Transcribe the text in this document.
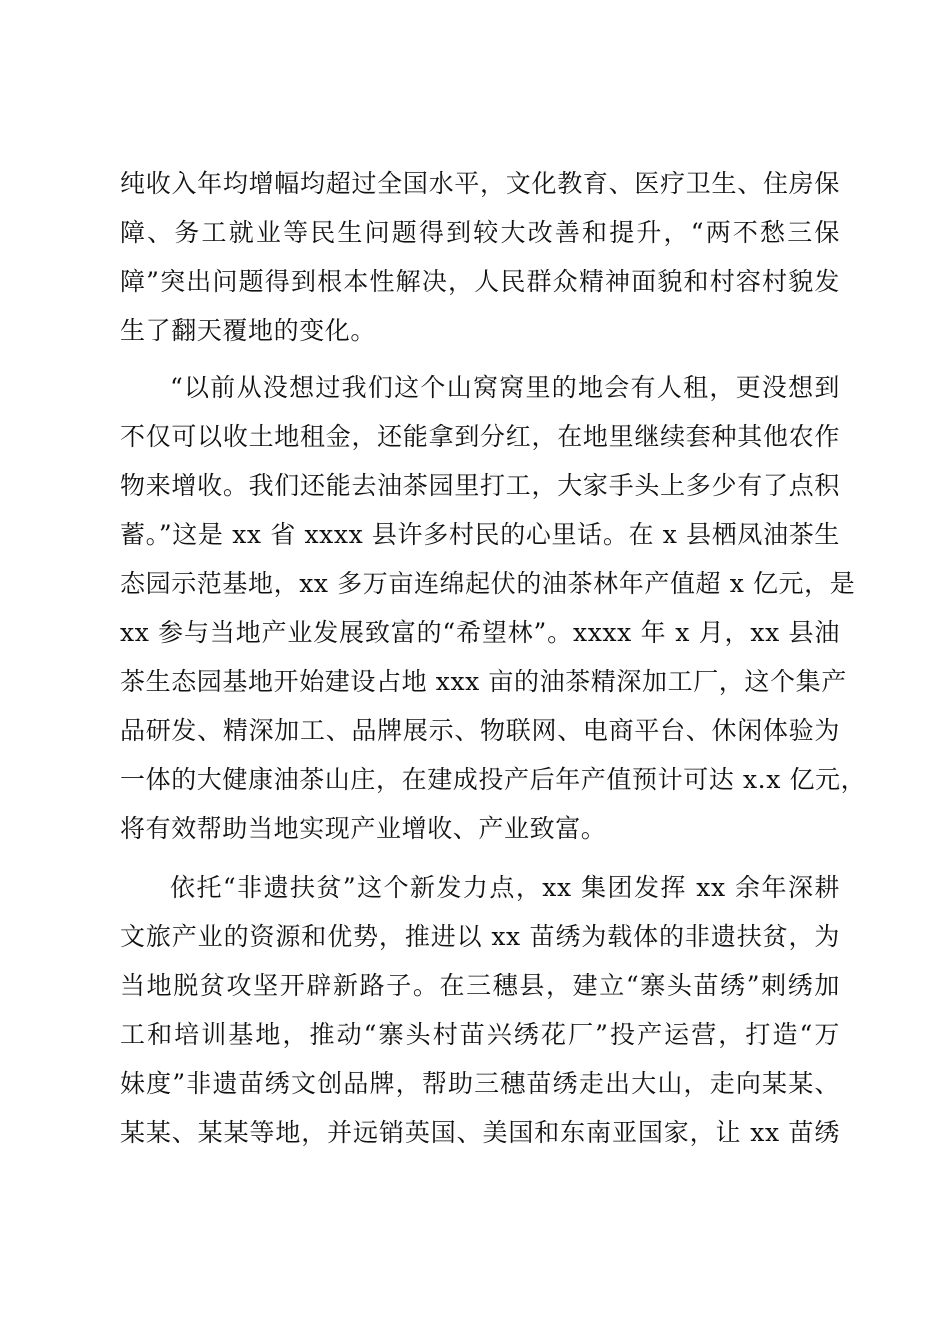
纯收入年均增幅均超过全国水平，文化教育、医疗卫生、住房保
障、务工就业等民生问题得到较大改善和提升，“两不愁三保
障”突出问题得到根本性解决，人民群众精神面貌和村容村貌发
生了翻天覆地的变化。
“以前从没想过我们这个山窝窝里的地会有人租，更没想到
不仅可以收土地租金，还能拿到分红，在地里继续套种其他农作
物来增收。我们还能去油茶园里打工，大家手头上多少有了点积
蓄。”这是 xx 省 xxxx 县许多村民的心里话。在 x 县栖凤油茶生
态园示范基地，xx 多万亩连绵起伏的油茶林年产值超 x 亿元，是
xx 参与当地产业发展致富的“希望林”。xxxx 年 x 月，xx 县油
茶生态园基地开始建设占地 xxx 亩的油茶精深加工厂，这个集产
品研发、精深加工、品牌展示、物联网、电商平台、休闲体验为
一体的大健康油茶山庄，在建成投产后年产值预计可达 x.x 亿元，
将有效帮助当地实现产业增收、产业致富。
依托“非遗扶贫”这个新发力点，xx 集团发挥 xx 余年深耕
文旅产业的资源和优势，推进以 xx 苗绣为载体的非遗扶贫，为
当地脱贫攻坚开辟新路子。在三穗县，建立“寨头苗绣”刺绣加
工和培训基地，推动“寨头村苗兴绣花厂”投产运营，打造“万
妹度”非遗苗绣文创品牌，帮助三穗苗绣走出大山，走向某某、
某某、某某等地，并远销英国、美国和东南亚国家，让 xx 苗绣
